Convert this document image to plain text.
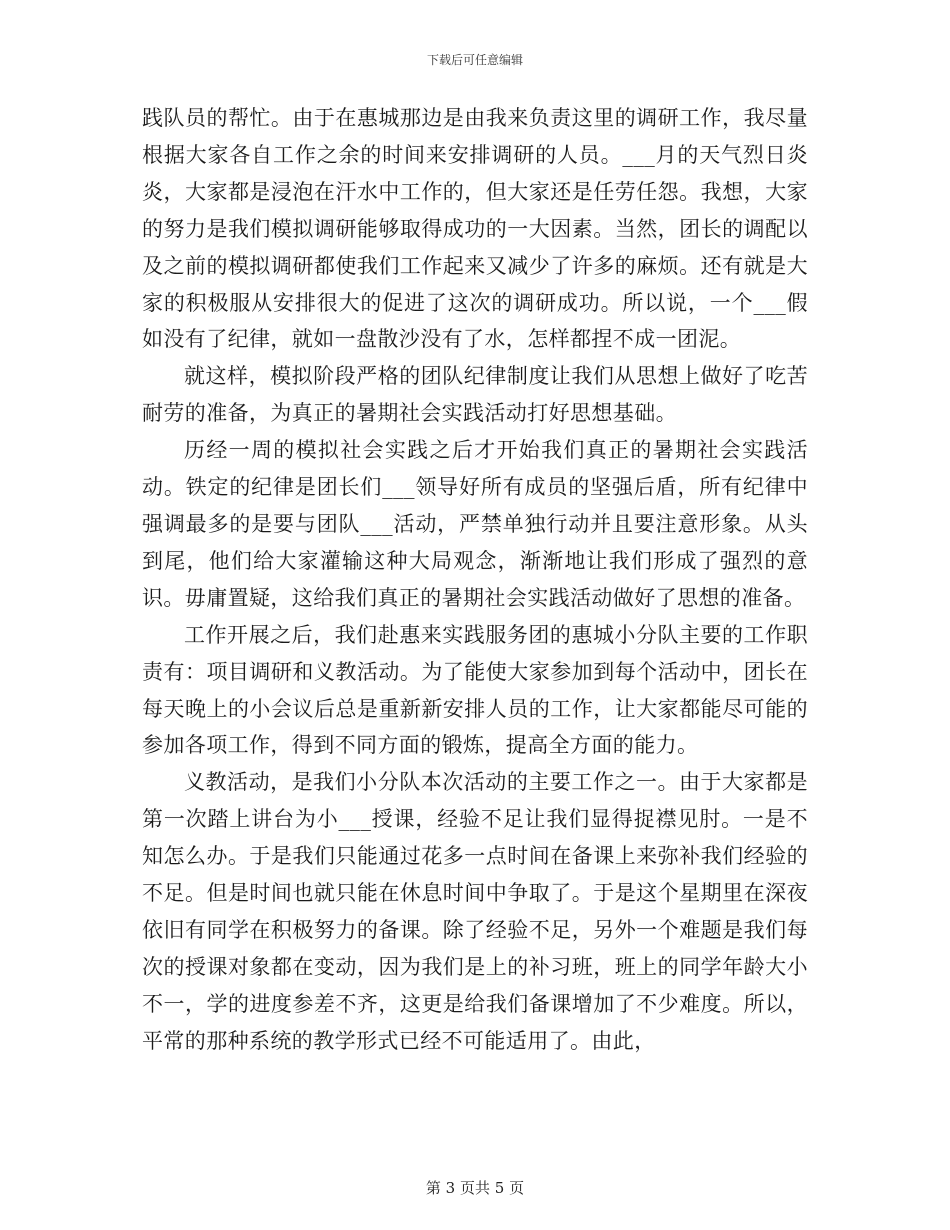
下载后可任意编辑

践队员的帮忙。由于在惠城那边是由我来负责这里的调研工作，我尽量根据大家各自工作之余的时间来安排调研的人员。___月的天气烈日炎炎，大家都是浸泡在汗水中工作的，但大家还是任劳任怨。我想，大家的努力是我们模拟调研能够取得成功的一大因素。当然，团长的调配以及之前的模拟调研都使我们工作起来又减少了许多的麻烦。还有就是大家的积极服从安排很大的促进了这次的调研成功。所以说，一个___假如没有了纪律，就如一盘散沙没有了水，怎样都捏不成一团泥。

就这样，模拟阶段严格的团队纪律制度让我们从思想上做好了吃苦耐劳的准备，为真正的暑期社会实践活动打好思想基础。

历经一周的模拟社会实践之后才开始我们真正的暑期社会实践活动。铁定的纪律是团长们___领导好所有成员的坚强后盾，所有纪律中强调最多的是要与团队___活动，严禁单独行动并且要注意形象。从头到尾，他们给大家灌输这种大局观念，渐渐地让我们形成了强烈的意识。毋庸置疑，这给我们真正的暑期社会实践活动做好了思想的准备。

工作开展之后，我们赴惠来实践服务团的惠城小分队主要的工作职责有：项目调研和义教活动。为了能使大家参加到每个活动中，团长在每天晚上的小会议后总是重新新安排人员的工作，让大家都能尽可能的参加各项工作，得到不同方面的锻炼，提高全方面的能力。

义教活动，是我们小分队本次活动的主要工作之一。由于大家都是第一次踏上讲台为小___授课，经验不足让我们显得捉襟见肘。一是不知怎么办。于是我们只能通过花多一点时间在备课上来弥补我们经验的不足。但是时间也就只能在休息时间中争取了。于是这个星期里在深夜依旧有同学在积极努力的备课。除了经验不足，另外一个难题是我们每次的授课对象都在变动，因为我们是上的补习班，班上的同学年龄大小不一，学的进度参差不齐，这更是给我们备课增加了不少难度。所以，平常的那种系统的教学形式已经不可能适用了。由此，

第 3 页共 5 页
